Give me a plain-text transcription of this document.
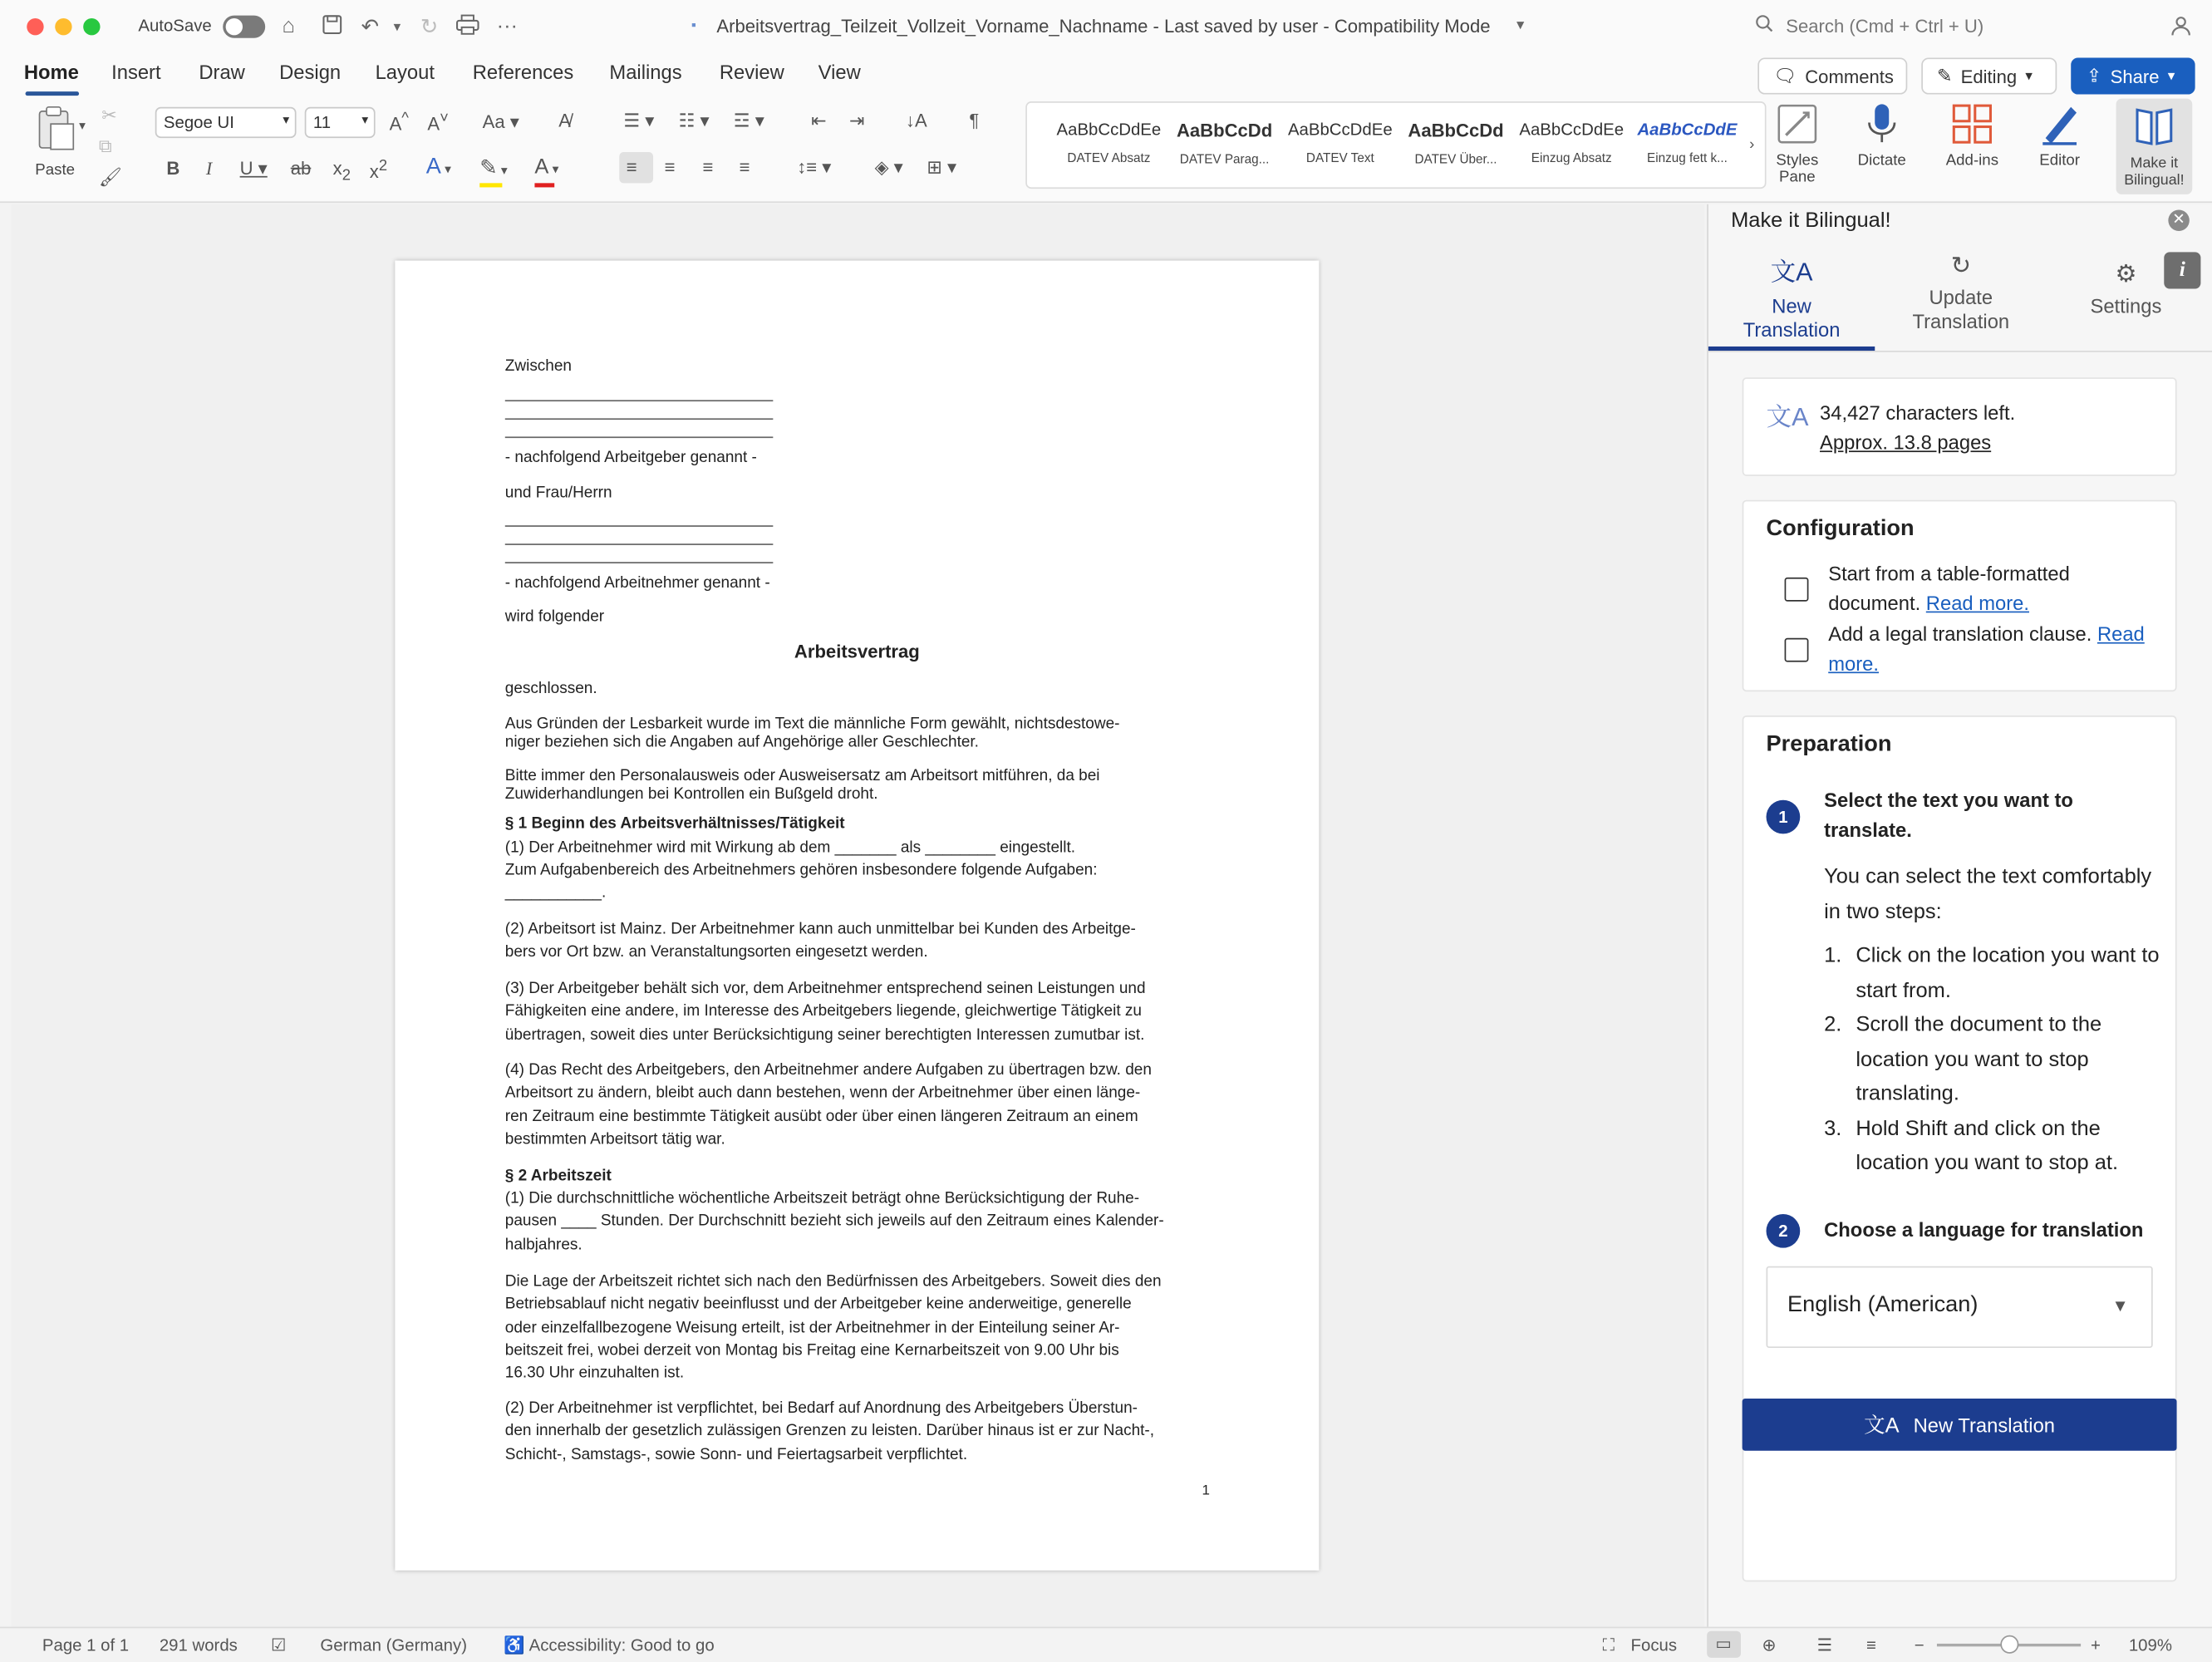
AutoSave	⌂	↶ ▾ ↻	···	▪ Arbeitsvertrag_Teilzeit_Vollzeit_Vorname_Nachname - Last saved by user - Compatibility Mode	▾	Search (Cmd + Ctrl + U)
Home	Insert	Draw	Design	Layout	References	Mailings	Review	View	🗨 Comments	✎ Editing ▾	⇪ Share ▾
Paste
▾ ✂
⧉
🖌
Segoe UI	▾	11	▾ A^ A˅	Aa ▾	A̸
B I	U ▾ ab $x_2$ $x^2$	A ▾ ✎ ▾ A ▾
☰ ▾ ☷ ▾ ☲ ▾	⇤ ⇥	↓A	¶
≡	≡	≡ ≡	↕≡ ▾	◈ ▾ ⊞ ▾
AaBbCcDdEe
DATEV Absatz
AaBbCcDd
DATEV Parag...
AaBbCcDdEe
DATEV Text
AaBbCcDd
DATEV Über...
AaBbCcDdEe
Einzug Absatz
AaBbCcDdE
Einzug fett k...
›
Styles Pane
Dictate	Add-ins	Editor	Make it Bilingual!
Zwischen
- nachfolgend Arbeitgeber genannt -
und Frau/Herrn
- nachfolgend Arbeitnehmer genannt -
wird folgender
Arbeitsvertrag
geschlossen.
Aus Gründen der Lesbarkeit wurde im Text die männliche Form gewählt, nichtsdestowe-
niger beziehen sich die Angaben auf Angehörige aller Geschlechter.
Bitte immer den Personalausweis oder Ausweisersatz am Arbeitsort mitführen, da bei
Zuwiderhandlungen bei Kontrollen ein Bußgeld droht.
§ 1 Beginn des Arbeitsverhältnisses/Tätigkeit
(1) Der Arbeitnehmer wird mit Wirkung ab dem _______ als ________ eingestellt.
Zum Aufgabenbereich des Arbeitnehmers gehören insbesondere folgende Aufgaben:
___________.
(2) Arbeitsort ist Mainz. Der Arbeitnehmer kann auch unmittelbar bei Kunden des Arbeitge-
bers vor Ort bzw. an Veranstaltungsorten eingesetzt werden.
(3) Der Arbeitgeber behält sich vor, dem Arbeitnehmer entsprechend seinen Leistungen und
Fähigkeiten eine andere, im Interesse des Arbeitgebers liegende, gleichwertige Tätigkeit zu
übertragen, soweit dies unter Berücksichtigung seiner berechtigten Interessen zumutbar ist.
(4) Das Recht des Arbeitgebers, den Arbeitnehmer andere Aufgaben zu übertragen bzw. den
Arbeitsort zu ändern, bleibt auch dann bestehen, wenn der Arbeitnehmer über einen länge-
ren Zeitraum eine bestimmte Tätigkeit ausübt oder über einen längeren Zeitraum an einem
bestimmten Arbeitsort tätig war.
§ 2 Arbeitszeit
(1) Die durchschnittliche wöchentliche Arbeitszeit beträgt ohne Berücksichtigung der Ruhe-
pausen ____ Stunden. Der Durchschnitt bezieht sich jeweils auf den Zeitraum eines Kalender-
halbjahres.
Die Lage der Arbeitszeit richtet sich nach den Bedürfnissen des Arbeitgebers. Soweit dies den
Betriebsablauf nicht negativ beeinflusst und der Arbeitgeber keine anderweitige, generelle
oder einzelfallbezogene Weisung erteilt, ist der Arbeitnehmer in der Einteilung seiner Ar-
beitszeit frei, wobei derzeit von Montag bis Freitag eine Kernarbeitszeit von 9.00 Uhr bis
16.30 Uhr einzuhalten ist.
(2) Der Arbeitnehmer ist verpflichtet, bei Bedarf auf Anordnung des Arbeitgebers Überstun-
den innerhalb der gesetzlich zulässigen Grenzen zu leisten. Darüber hinaus ist er zur Nacht-,
Schicht-, Samstags-, sowie Sonn- und Feiertagsarbeit verpflichtet.
1
Make it Bilingual!	✕
i
文A
New
Translation
↻
Update
Translation
⚙
Settings
文A 34,427 characters left.
Approx. 13.8 pages
Configuration
Start from a table-formatted document. Read more.
Add a legal translation clause. Read more.
Preparation
1
Select the text you want to translate.
You can select the text comfortably in two steps:
1. Click on the location you want to start from.
2. Scroll the document to the location you want to stop translating.
3. Hold Shift and click on the location you want to stop at.
2	Choose a language for translation
English (American)	▼
文A New Translation
Page 1 of 1	291 words	☑	German (Germany)	♿ Accessibility: Good to go	⛶ Focus	▭	⊕	☰	≡	−	+	109%
